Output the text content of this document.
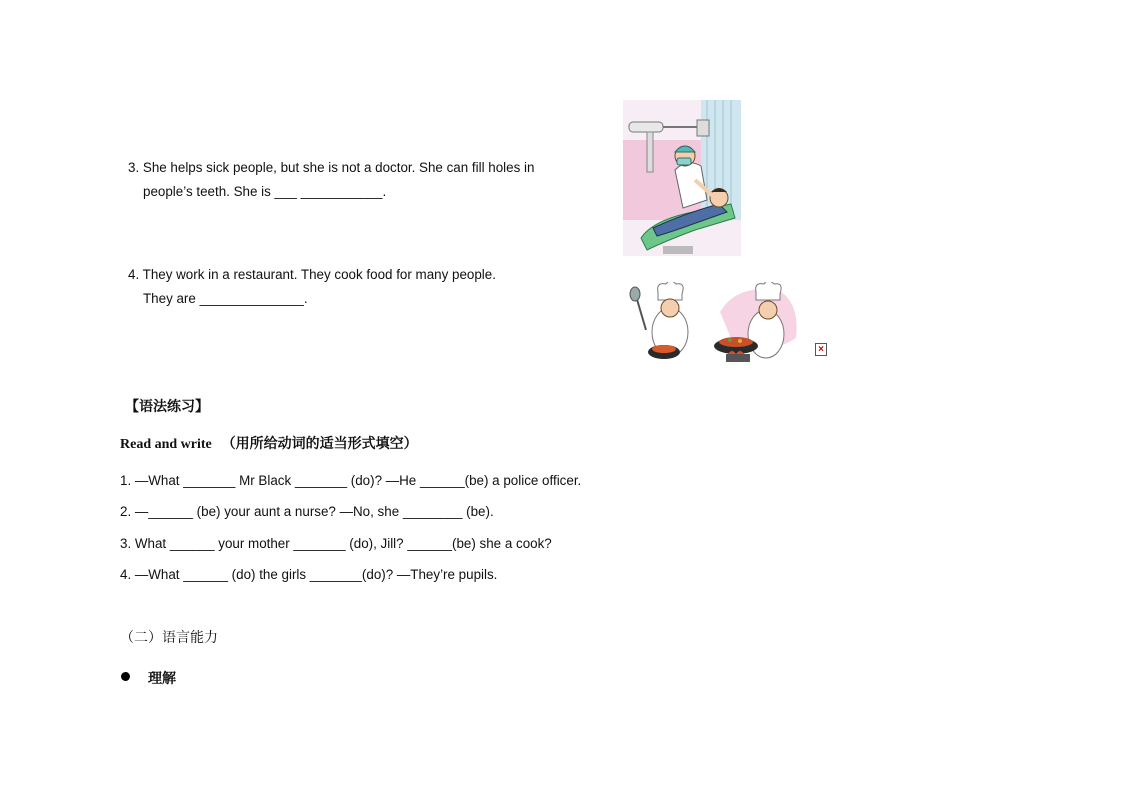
3. She helps sick people, but she is not a doctor. She can fill holes in
people’s teeth. She is ___ ___________.
4. They work in a restaurant. They cook food for many people.
They are ______________.
×
【语法练习】
Read and write （用所给动词的适当形式填空）
1. —What _______ Mr Black _______ (do)? —He ______(be) a police officer.
2. —______ (be) your aunt a nurse? —No, she ________ (be).
3. What ______ your mother _______ (do), Jill? ______(be) she a cook?
4. —What ______ (do) the girls _______(do)? —They’re pupils.
（二）语言能力
理解
